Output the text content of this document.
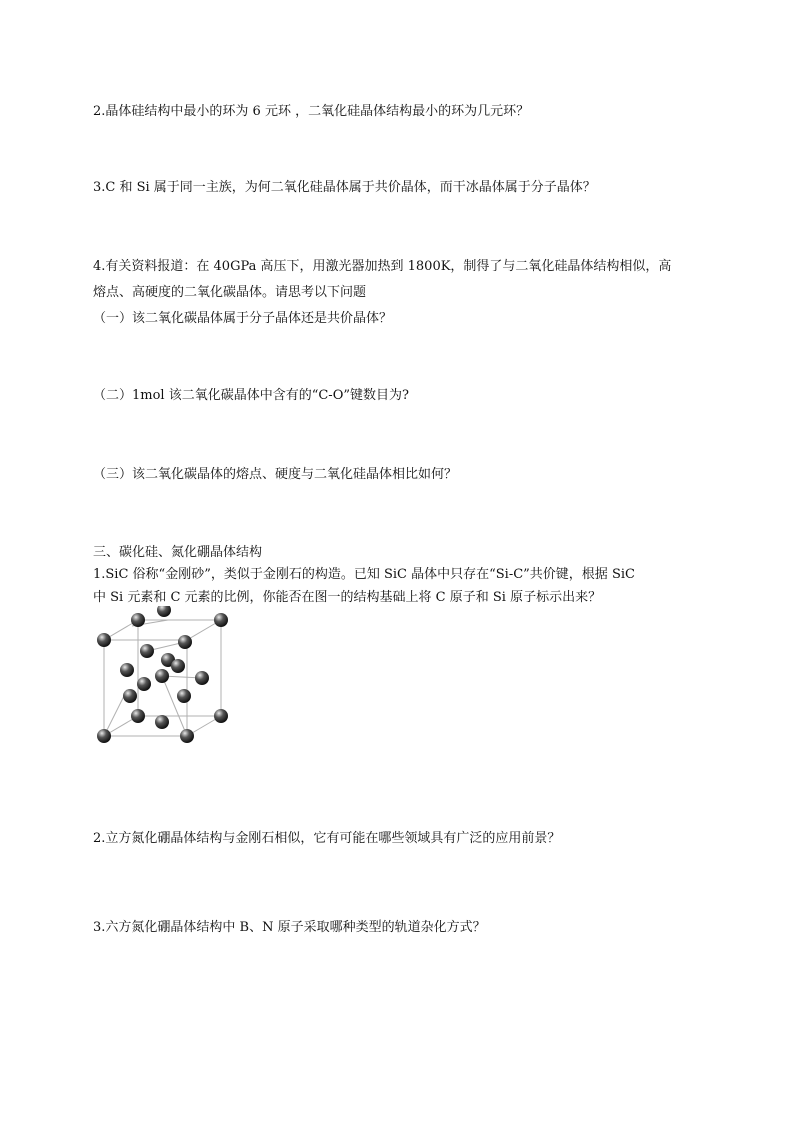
2.晶体硅结构中最小的环为 6 元环 ，二氧化硅晶体结构最小的环为几元环？
3.C 和 Si 属于同一主族，为何二氧化硅晶体属于共价晶体，而干冰晶体属于分子晶体？
4.有关资料报道：在 40GPa 高压下，用激光器加热到 1800K，制得了与二氧化硅晶体结构相似，高
熔点、高硬度的二氧化碳晶体。请思考以下问题
（一）该二氧化碳晶体属于分子晶体还是共价晶体？
（二）1mol 该二氧化碳晶体中含有的“C-O”键数目为?
（三）该二氧化碳晶体的熔点、硬度与二氧化硅晶体相比如何？
三、碳化硅、氮化硼晶体结构
1.SiC 俗称“金刚砂”，类似于金刚石的构造。已知 SiC 晶体中只存在“Si-C”共价键，根据 SiC
中 Si 元素和 C 元素的比例，你能否在图一的结构基础上将 C 原子和 Si 原子标示出来？
2.立方氮化硼晶体结构与金刚石相似，它有可能在哪些领域具有广泛的应用前景？
3.六方氮化硼晶体结构中 B、N 原子采取哪种类型的轨道杂化方式？
